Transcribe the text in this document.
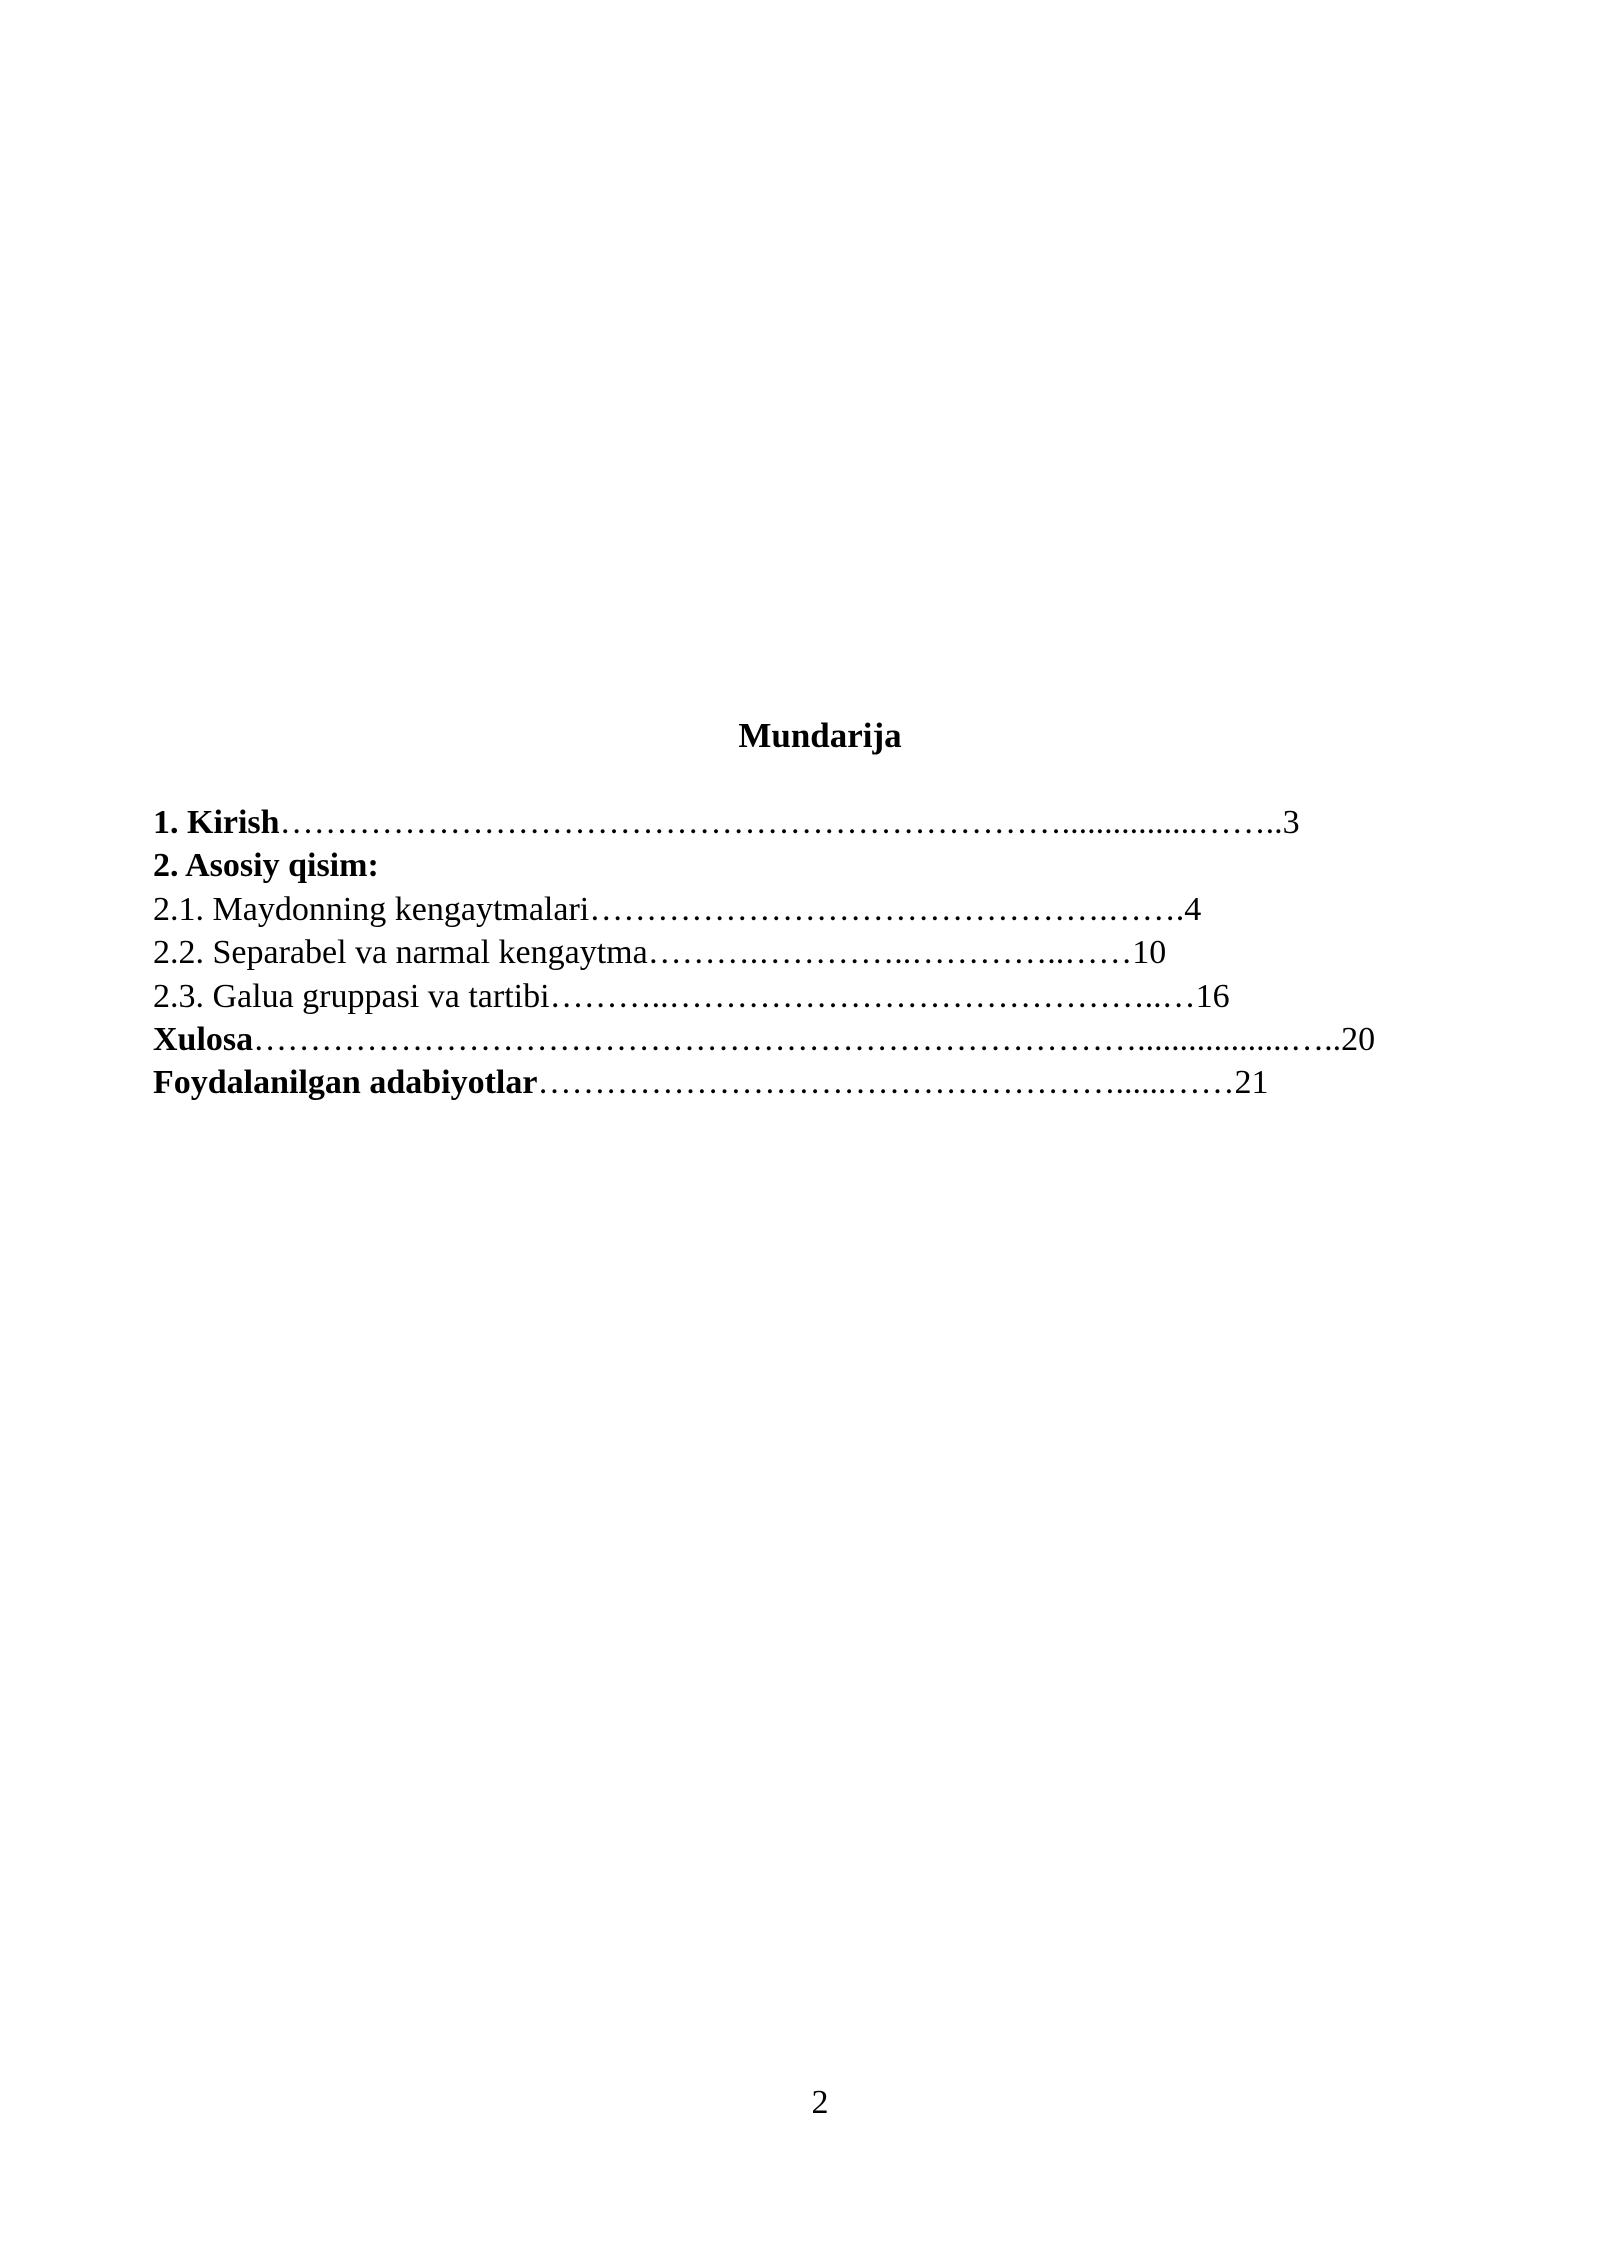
Mundarija
1. Kirish……………………………………………………………................……..3
2. Asosiy qisim:
2.1. Maydonning kengaytmalari……………………………………….…….4
2.2. Separabel va narmal kengaytma……….…………..…………..……10
2.3. Galua gruppasi va tartibi………..……………………………………..…16
Xulosa……………………………………………………………………..................…..20
Foydalanilgan adabiyotlar……………………………………………......……21
2
